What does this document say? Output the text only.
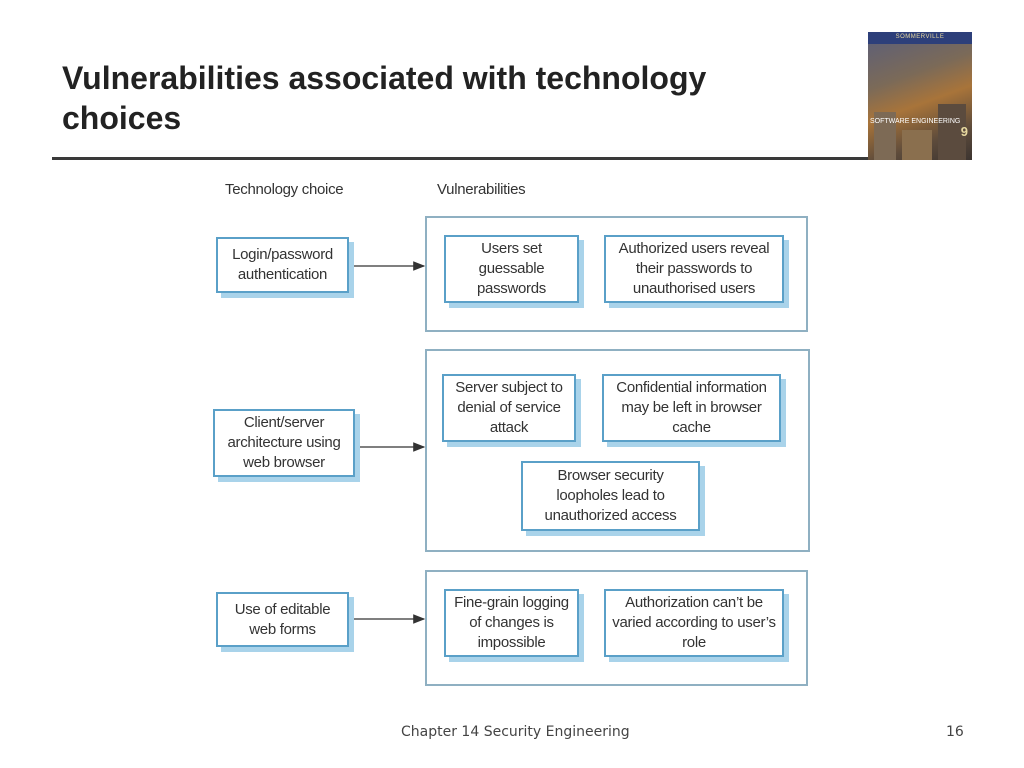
Vulnerabilities associated with technology choices
SOMMERVILLE
SOFTWARE ENGINEERING
9
Technology choice	Vulnerabilities
Login/password authentication
Users set guessable passwords
Authorized users reveal their passwords to unauthorised users
Client/server architecture using web browser
Server subject to denial of service attack
Confidential information may be left in browser cache
Browser security loopholes lead to unauthorized access
Use of editable web forms
Fine-grain logging of changes is impossible
Authorization can’t be varied according to user’s role
Chapter 14 Security Engineering	16
